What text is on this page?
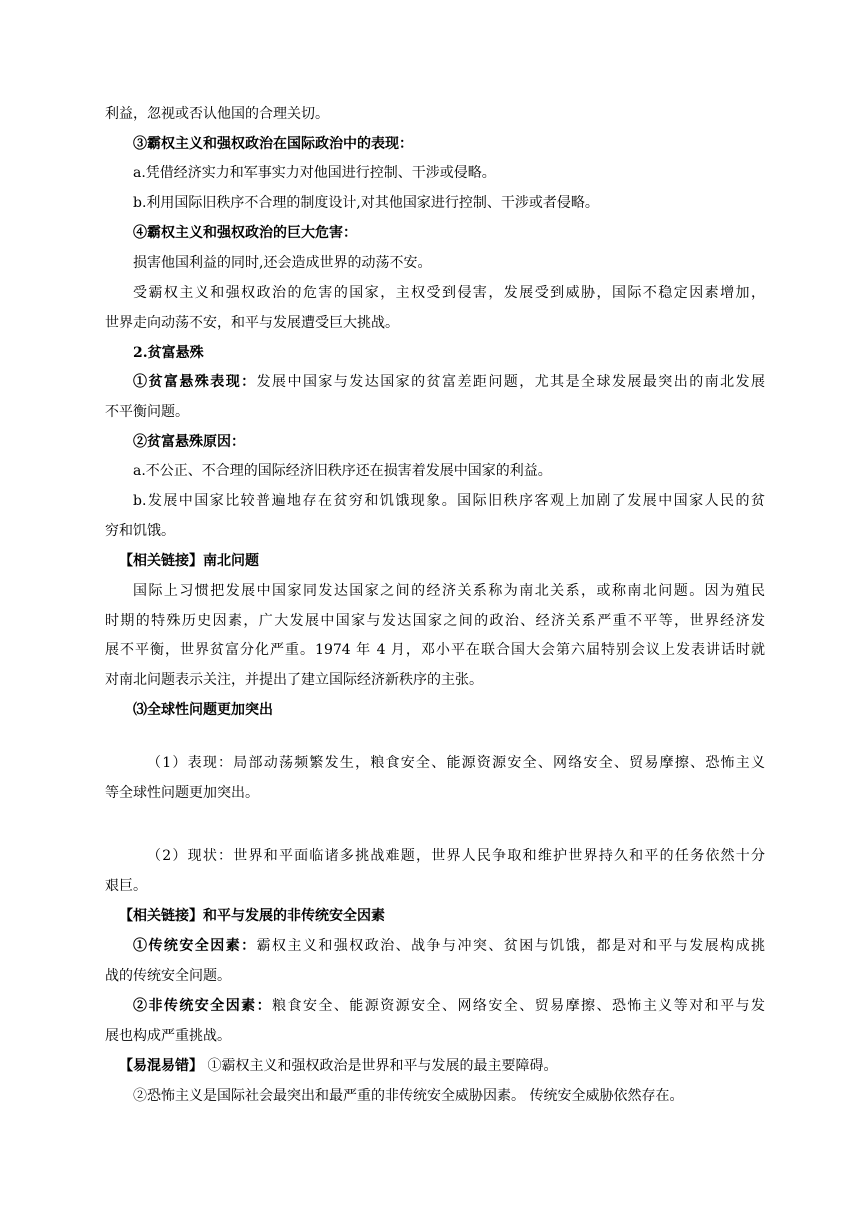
利益，忽视或否认他国的合理关切。
③霸权主义和强权政治在国际政治中的表现：
a.凭借经济实力和军事实力对他国进行控制、干涉或侵略。
b.利用国际旧秩序不合理的制度设计,对其他国家进行控制、干涉或者侵略。
④霸权主义和强权政治的巨大危害：
损害他国利益的同时,还会造成世界的动荡不安。
受霸权主义和强权政治的危害的国家，主权受到侵害，发展受到威胁，国际不稳定因素增加，
世界走向动荡不安，和平与发展遭受巨大挑战。
2.贫富悬殊
①贫富悬殊表现：发展中国家与发达国家的贫富差距问题，尤其是全球发展最突出的南北发展
不平衡问题。
②贫富悬殊原因：
a.不公正、不合理的国际经济旧秩序还在损害着发展中国家的利益。
b.发展中国家比较普遍地存在贫穷和饥饿现象。国际旧秩序客观上加剧了发展中国家人民的贫
穷和饥饿。
【相关链接】南北问题
国际上习惯把发展中国家同发达国家之间的经济关系称为南北关系，或称南北问题。因为殖民
时期的特殊历史因素，广大发展中国家与发达国家之间的政治、经济关系严重不平等，世界经济发
展不平衡，世界贫富分化严重。1974 年 4 月，邓小平在联合国大会第六届特别会议上发表讲话时就
对南北问题表示关注，并提出了建立国际经济新秩序的主张。
⑶全球性问题更加突出
（1）表现：局部动荡频繁发生，粮食安全、能源资源安全、网络安全、贸易摩擦、恐怖主义
等全球性问题更加突出。
（2）现状：世界和平面临诸多挑战难题，世界人民争取和维护世界持久和平的任务依然十分
艰巨。
【相关链接】和平与发展的非传统安全因素
①传统安全因素：霸权主义和强权政治、战争与冲突、贫困与饥饿，都是对和平与发展构成挑
战的传统安全问题。
②非传统安全因素：粮食安全、能源资源安全、网络安全、贸易摩擦、恐怖主义等对和平与发
展也构成严重挑战。
【易混易错】 ①霸权主义和强权政治是世界和平与发展的最主要障碍。
②恐怖主义是国际社会最突出和最严重的非传统安全威胁因素。 传统安全威胁依然存在。
